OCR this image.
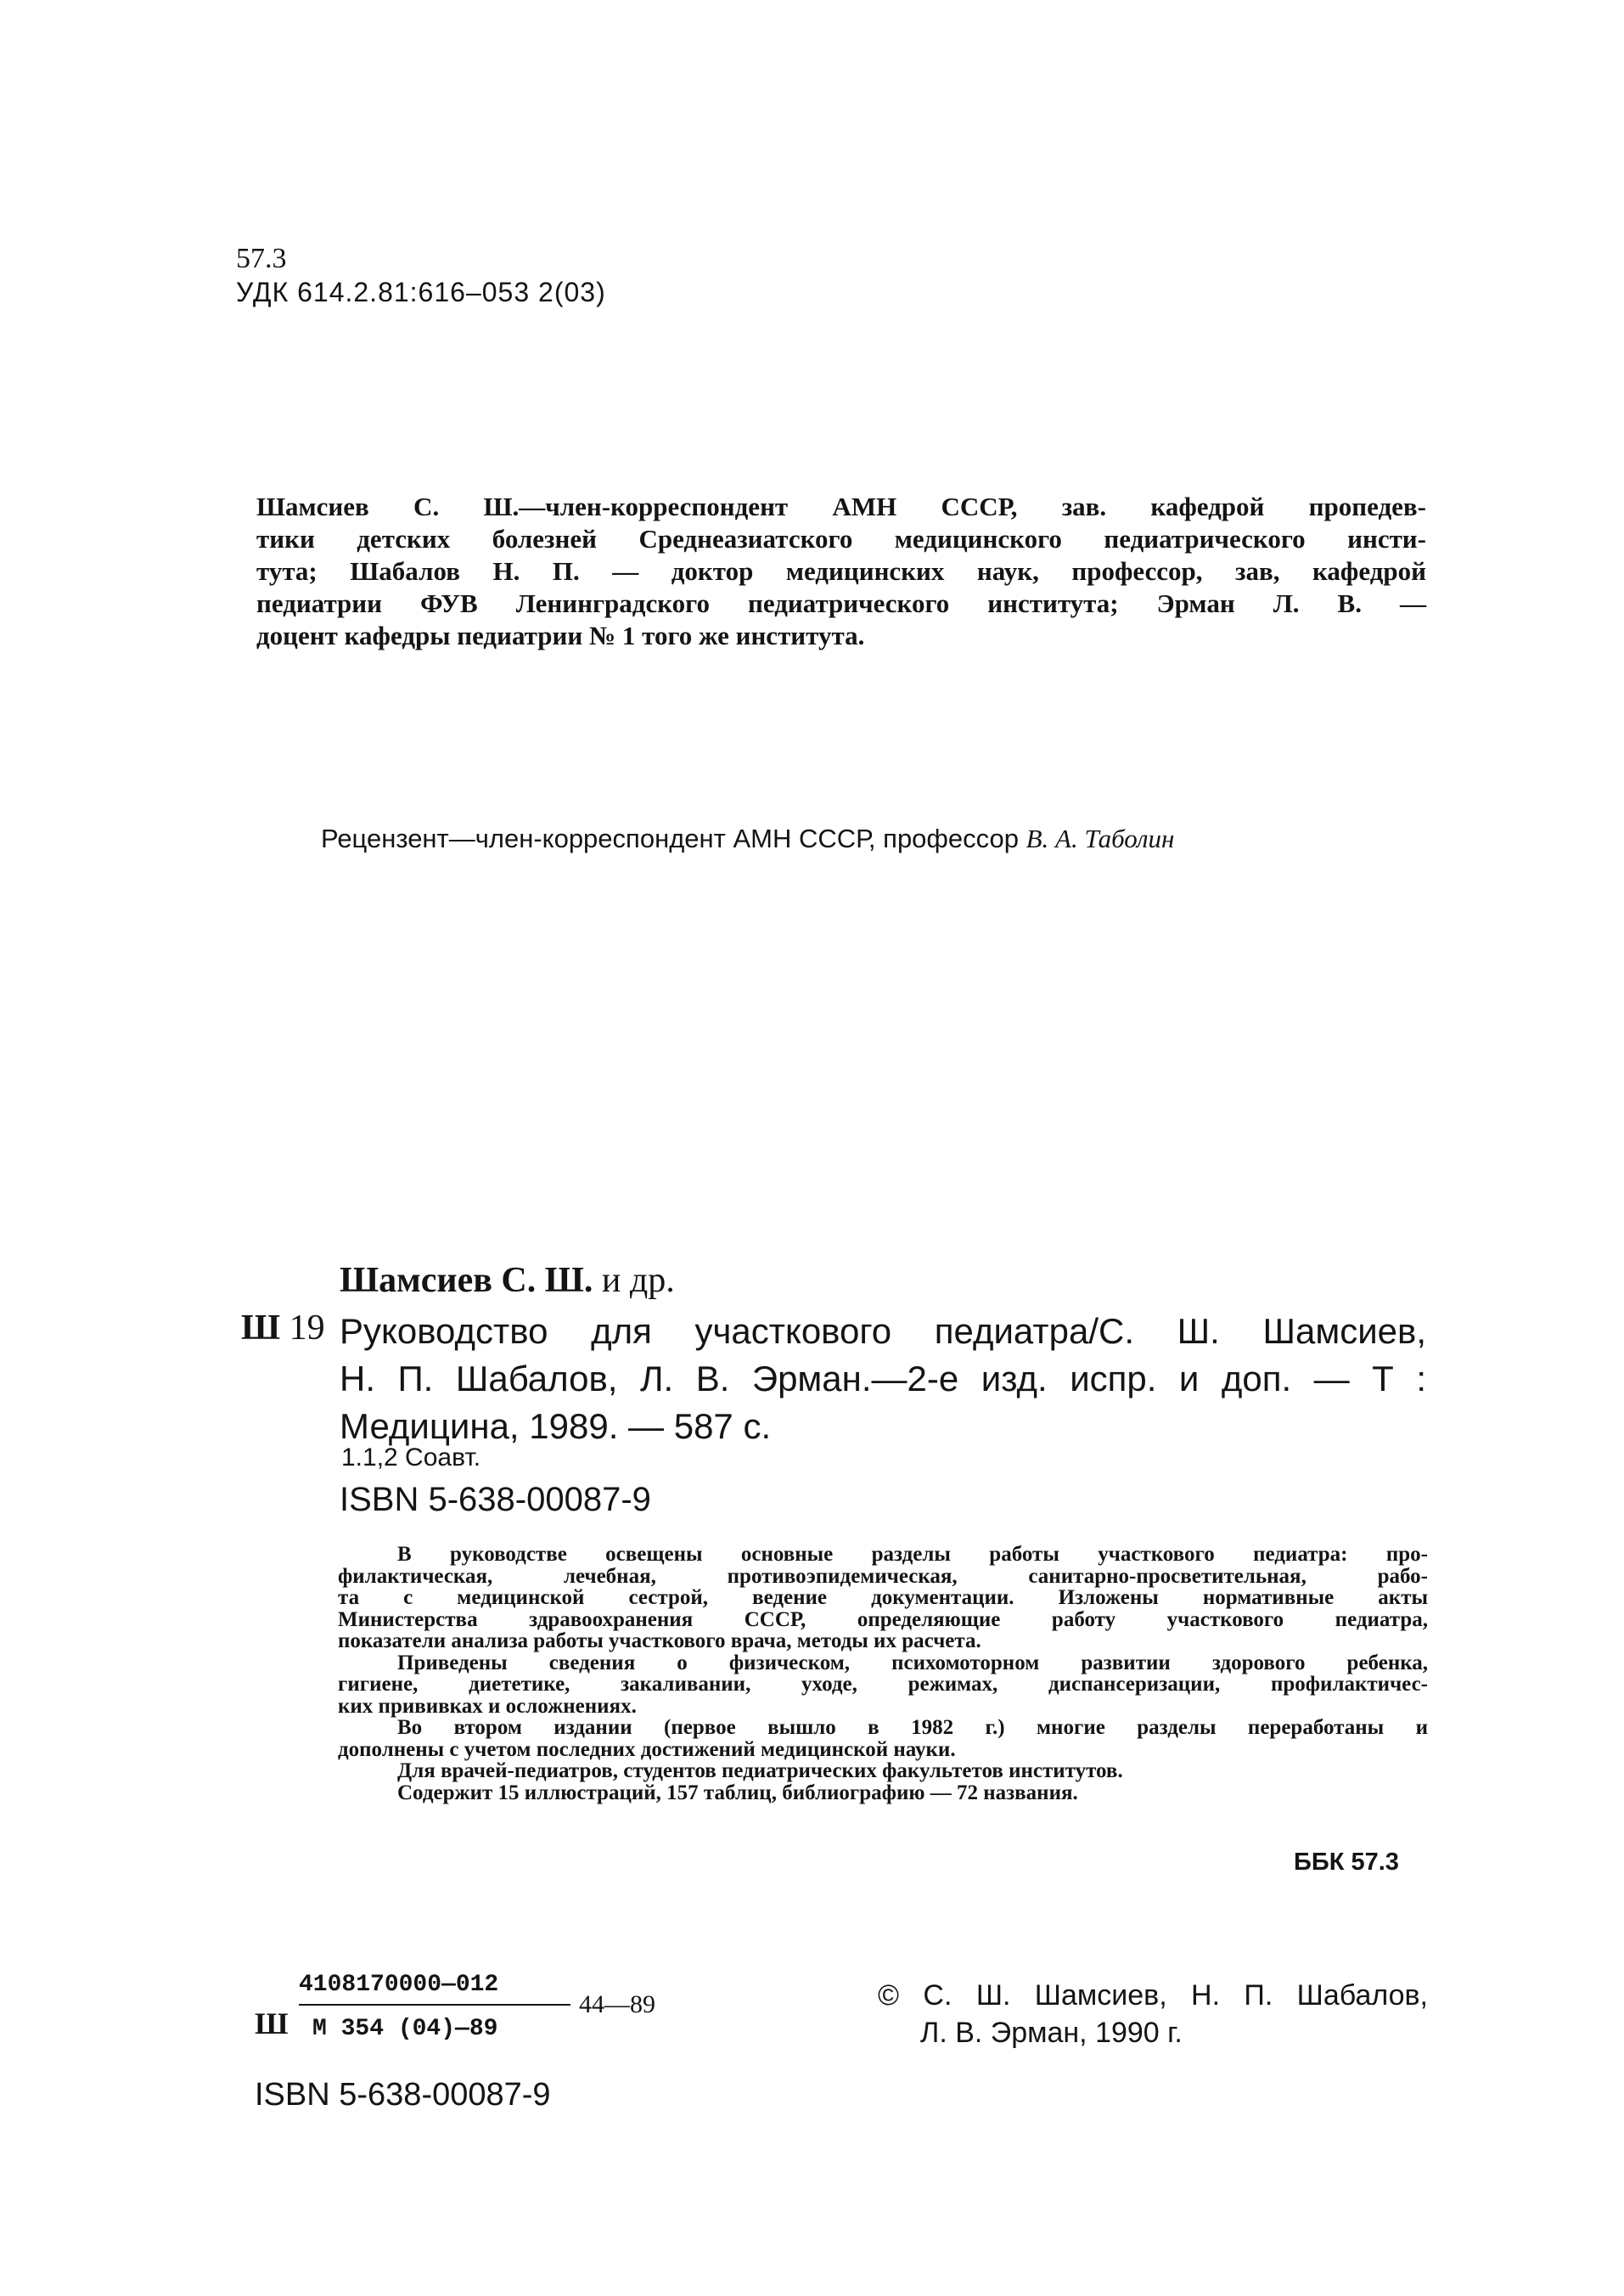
57.3
УДК 614.2.81:616–053 2(03)
Шамсиев С. Ш.—член-корреспондент АМН СССР, зав. кафедрой пропедев-
тики детских болезней Среднеазиатского медицинского педиатрического инсти-
тута; Шабалов Н. П. — доктор медицинских наук, профессор, зав, кафедрой
педиатрии ФУВ Ленинградского педиатрического института; Эрман Л. В. —
доцент кафедры педиатрии № 1 того же института.
Рецензент—член-корреспондент АМН СССР, профессор В. А. Таболин
Шамсиев С. Ш. и др.
Ш 19 Руководство для участкового педиатра/С. Ш. Шамсиев,
Н. П. Шабалов, Л. В. Эрман.—2-е изд. испр. и доп. — Т :
Медицина, 1989. — 587 с.
1.1,2 Соавт.
ISBN 5-638-00087-9
В руководстве освещены основные разделы работы участкового педиатра: про-
филактическая, лечебная, противоэпидемическая, санитарно-просветительная, рабо-
та с медицинской сестрой, ведение документации. Изложены нормативные акты
Министерства здравоохранения СССР, определяющие работу участкового педиатра,
показатели анализа работы участкового врача, методы их расчета.
Приведены сведения о физическом, психомоторном развитии здорового ребенка,
гигиене, диететике, закаливании, уходе, режимах, диспансеризации, профилактичес-
ких прививках и осложнениях.
Во втором издании (первое вышло в 1982 г.) многие разделы переработаны и
дополнены с учетом последних достижений медицинской науки.
Для врачей-педиатров, студентов педиатрических факультетов институтов.
Содержит 15 иллюстраций, 157 таблиц, библиографию — 72 названия.
ББК 57.3
Ш
4108170000—012
М 354 (04)—89
44—89
ISBN 5-638-00087-9
© С. Ш. Шамсиев, Н. П. Шабалов,
Л. В. Эрман, 1990 г.
